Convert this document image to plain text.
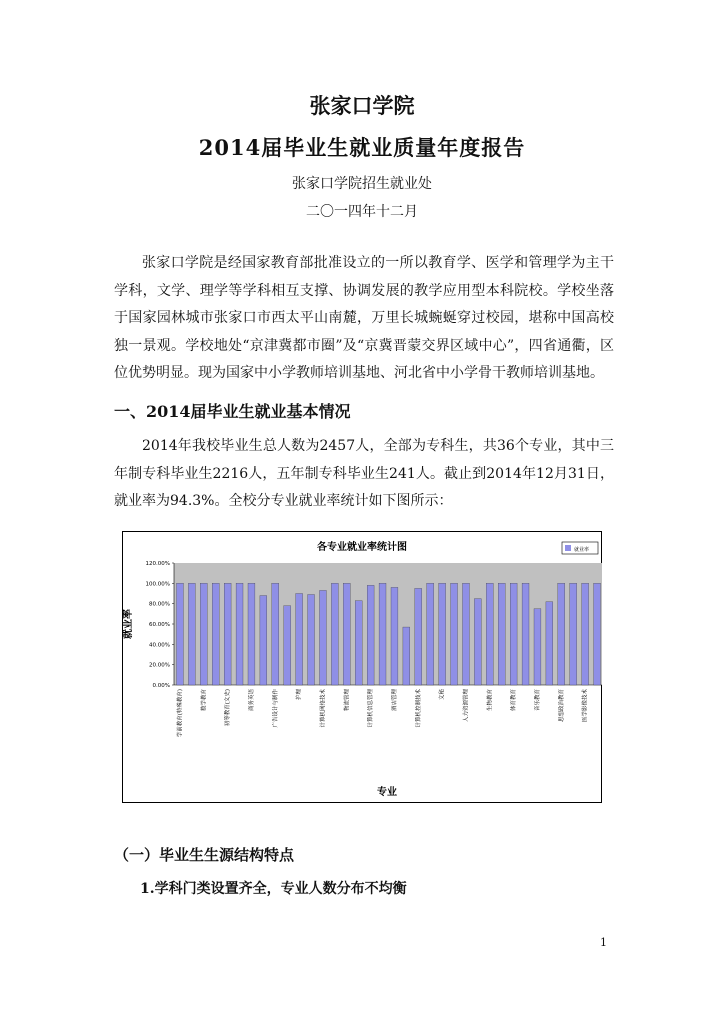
张家口学院
2014届毕业生就业质量年度报告
张家口学院招生就业处
二〇一四年十二月
张家口学院是经国家教育部批准设立的一所以教育学、医学和管理学为主干学科，文学、理学等学科相互支撑、协调发展的教学应用型本科院校。学校坐落于国家园林城市张家口市西太平山南麓，万里长城蜿蜒穿过校园，堪称中国高校独一景观。学校地处“京津冀都市圈”及“京冀晋蒙交界区域中心”，四省通衢，区位优势明显。现为国家中小学教师培训基地、河北省中小学骨干教师培训基地。
一、2014届毕业生就业基本情况
2014年我校毕业生总人数为2457人，全部为专科生，共36个专业，其中三年制专科毕业生2216人，五年制专科毕业生241人。截止到2014年12月31日，就业率为94.3%。全校分专业就业率统计如下图所示：
各专业就业率统计图
0.00%
20.00%
40.00%
60.00%
80.00%
100.00%
120.00%
学前教育(特殊教育)	数学教育	初等教育(文史)	商务英语	广告设计与制作	护理	计算机网络技术	物流管理	计算机信息管理	酒店管理	计算机控制技术	文秘	人力资源管理	生物教育	体育教育	音乐教育	思想政治教育	医学影像技术
就业率
专业
就业率
（一）毕业生生源结构特点
1.学科门类设置齐全，专业人数分布不均衡
1
